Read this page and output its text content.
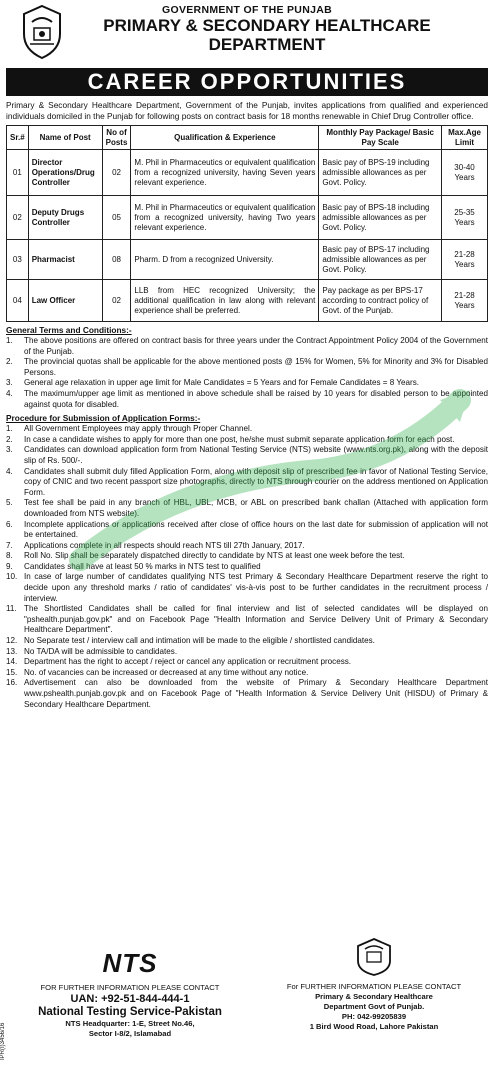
GOVERNMENT OF THE PUNJAB
PRIMARY & SECONDARY HEALTHCARE
DEPARTMENT
CAREER OPPORTUNITIES

Primary & Secondary Healthcare Department, Government of the Punjab, invites applications from qualified and experienced individuals domiciled in the Punjab for following posts on contract basis for 18 months renewable in Chief Drug Controller office.

Sr.#	Name of Post	No of Posts	Qualification & Experience	Monthly Pay Package/ Basic Pay Scale	Max.Age Limit
01	Director Operations/Drug Controller	02	M. Phil in Pharmaceutics or equivalent qualification from a recognized university, having Seven years relevant experience.	Basic pay of BPS-19 including admissible allowances as per Govt. Policy.	30-40 Years
02	Deputy Drugs Controller	05	M. Phil in Pharmaceutics or equivalent qualification from a recognized university, having Two years relevant experience.	Basic pay of BPS-18 including admissible allowances as per Govt. Policy.	25-35 Years
03	Pharmacist	08	Pharm. D from a recognized University.	Basic pay of BPS-17 including admissible allowances as per Govt. Policy.	21-28 Years
04	Law Officer	02	LLB from HEC recognized University; the additional qualification in law along with relevant experience shall be preferred.	Pay package as per BPS-17 according to contract policy of Govt. of the Punjab.	21-28 Years
General Terms and Conditions:-
1.	The above positions are offered on contract basis for three years under the Contract Appointment Policy 2004 of the Government of the Punjab.
2.	The provincial quotas shall be applicable for the above mentioned posts @ 15% for Women, 5% for Minority and 3% for Disabled Persons.
3.	General age relaxation in upper age limit for Male Candidates = 5 Years and for Female Candidates = 8 Years.
4.	The maximum/upper age limit as mentioned in above schedule shall be raised by 10 years for disabled person to be appointed against quota for disabled.
Procedure for Submission of Application Forms:-
1.	All Government Employees may apply through Proper Channel.
2.	In case a candidate wishes to apply for more than one post, he/she must submit separate application form for each post.
3.	Candidates can download application form from National Testing Service (NTS) website (www.nts.org.pk), along with the deposit slip of Rs. 500/-.
4.	Candidates shall submit duly filled Application Form, along with deposit slip of prescribed fee in favor of National Testing Service, copy of CNIC and two recent passport size photographs, directly to NTS through courier on the address mentioned on Application Form.
5.	Test fee shall be paid in any branch of HBL, UBL, MCB, or ABL on prescribed bank challan (Attached with application form downloaded from NTS website).
6.	Incomplete applications or applications received after close of office hours on the last date for submission of application will not be entertained.
7.	Applications complete in all respects should reach NTS till 27th January, 2017.
8.	Roll No. Slip shall be separately dispatched directly to candidate by NTS at least one week before the test.
9.	Candidates shall have at least 50 % marks in NTS test to qualified
10. In case of large number of candidates qualifying NTS test Primary & Secondary Healthcare Department reserve the right to decide upon any threshold marks / ratio of candidates' vis-à-vis post to be further candidates in the recruitment process / interview.
11. The Shortlisted Candidates shall be called for final interview and list of selected candidates will be displayed on "pshealth.punjab.gov.pk" and on Facebook Page "Health Information and Service Delivery Unit of Primary & Secondary Healthcare Department".
12. No Separate test / interview call and intimation will be made to the eligible / shortlisted candidates.
13. No TA/DA will be admissible to candidates.
14. Department has the right to accept / reject or cancel any application or recruitment process.
15. No. of vacancies can be increased or decreased at any time without any notice.
16. Advertisement can also be downloaded from the website of Primary & Secondary Healthcare Department www.pshealth.punjab.gov.pk and on Facebook Page of "Health Information & Service Delivery Unit (HISDU) of Primary & Secondary Healthcare Department.
NTS
FOR FURTHER INFORMATION PLEASE CONTACT
UAN: +92-51-844-444-1
National Testing Service-Pakistan
NTS Headquarter: 1-E, Street No.46,
Sector I-8/2, Islamabad
For FURTHER INFORMATION PLEASE CONTACT
Primary & Secondary Healthcare
Department Govt of Punjab.
PH: 042-99205839
1 Bird Wood Road, Lahore Pakistan
IPR(I)3456/16
